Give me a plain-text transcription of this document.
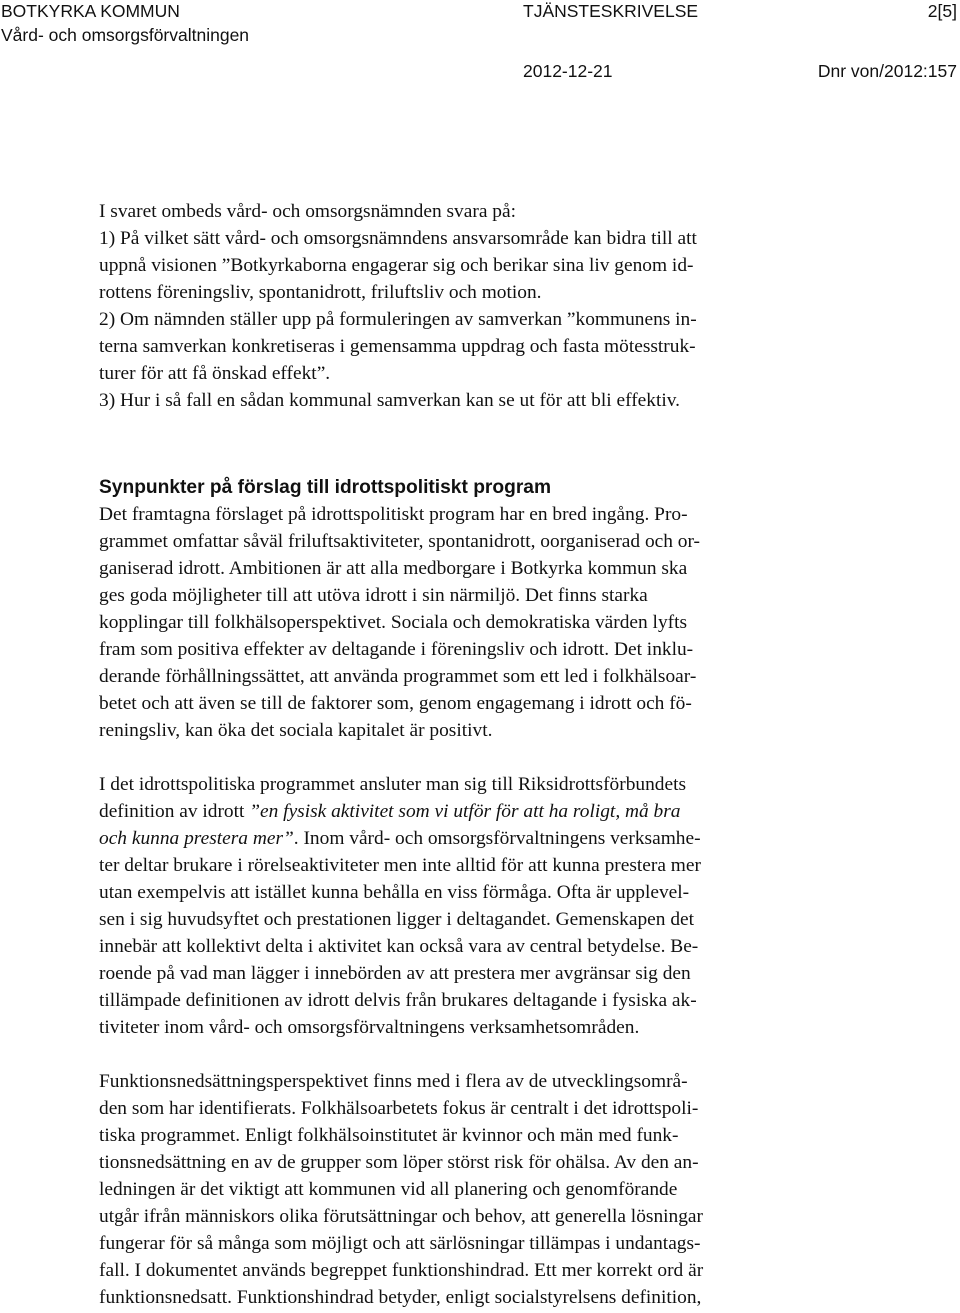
BOTKYRKA KOMMUN	TJÄNSTESKRIVELSE	2[5]
Vård- och omsorgsförvaltningen
2012-12-21	Dnr von/2012:157
I svaret ombeds vård- och omsorgsnämnden svara på:
1) På vilket sätt vård- och omsorgsnämndens ansvarsområde kan bidra till att
uppnå visionen ”Botkyrkaborna engagerar sig och berikar sina liv genom id-
rottens föreningsliv, spontanidrott, friluftsliv och motion.
2) Om nämnden ställer upp på formuleringen av samverkan ”kommunens in-
terna samverkan konkretiseras i gemensamma uppdrag och fasta mötesstruk-
turer för att få önskad effekt”.
3) Hur i så fall en sådan kommunal samverkan kan se ut för att bli effektiv.
Synpunkter på förslag till idrottspolitiskt program
Det framtagna förslaget på idrottspolitiskt program har en bred ingång. Pro-
grammet omfattar såväl friluftsaktiviteter, spontanidrott, oorganiserad och or-
ganiserad idrott. Ambitionen är att alla medborgare i Botkyrka kommun ska
ges goda möjligheter till att utöva idrott i sin närmiljö. Det finns starka
kopplingar till folkhälsoperspektivet. Sociala och demokratiska värden lyfts
fram som positiva effekter av deltagande i föreningsliv och idrott. Det inklu-
derande förhållningssättet, att använda programmet som ett led i folkhälsoar-
betet och att även se till de faktorer som, genom engagemang i idrott och fö-
reningsliv, kan öka det sociala kapitalet är positivt.
I det idrottspolitiska programmet ansluter man sig till Riksidrottsförbundets
definition av idrott ”en fysisk aktivitet som vi utför för att ha roligt, må bra
och kunna prestera mer”. Inom vård- och omsorgsförvaltningens verksamhe-
ter deltar brukare i rörelseaktiviteter men inte alltid för att kunna prestera mer
utan exempelvis att istället kunna behålla en viss förmåga. Ofta är upplevel-
sen i sig huvudsyftet och prestationen ligger i deltagandet. Gemenskapen det
innebär att kollektivt delta i aktivitet kan också vara av central betydelse. Be-
roende på vad man lägger i innebörden av att prestera mer avgränsar sig den
tillämpade definitionen av idrott delvis från brukares deltagande i fysiska ak-
tiviteter inom vård- och omsorgsförvaltningens verksamhetsområden.
Funktionsnedsättningsperspektivet finns med i flera av de utvecklingsområ-
den som har identifierats. Folkhälsoarbetets fokus är centralt i det idrottspoli-
tiska programmet. Enligt folkhälsoinstitutet är kvinnor och män med funk-
tionsnedsättning en av de grupper som löper störst risk för ohälsa. Av den an-
ledningen är det viktigt att kommunen vid all planering och genomförande
utgår ifrån människors olika förutsättningar och behov, att generella lösningar
fungerar för så många som möjligt och att särlösningar tillämpas i undantags-
fall. I dokumentet används begreppet funktionshindrad. Ett mer korrekt ord är
funktionsnedsatt. Funktionshindrad betyder, enligt socialstyrelsens definition,
